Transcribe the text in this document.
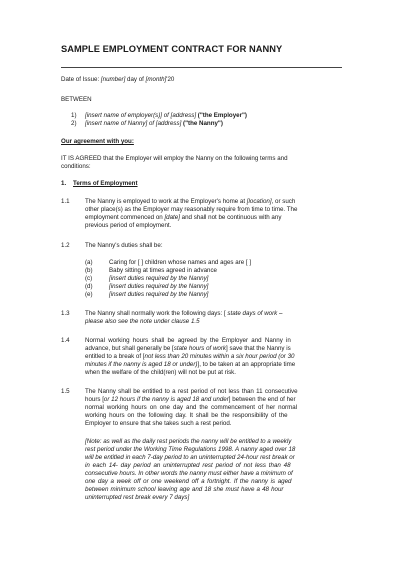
SAMPLE EMPLOYMENT CONTRACT FOR NANNY
Date of Issue: [number] day of [month]'20
BETWEEN
1) [insert name of employer(s)] of [address] ("the Employer")
2) [insert name of Nanny] of [address] ("the Nanny")
Our agreement with you:
IT IS AGREED that the Employer will employ the Nanny on the following terms and
conditions:
1. Terms of Employment
1.1 The Nanny is employed to work at the Employer's home at [location], or such
other place(s) as the Employer may reasonably require from time to time. The
employment commenced on [date] and shall not be continuous with any
previous period of employment.
1.2 The Nanny's duties shall be:
(a)	Caring for [ ] children whose names and ages are [ ]
(b)	Baby sitting at times agreed in advance
(c)	[insert duties required by the Nanny]
(d)	[insert duties required by the Nanny]
(e)	[insert duties required by the Nanny]
1.3 The Nanny shall normally work the following days: [ state days of work –
please also see the note under clause 1.5
1.4 Normal working hours shall be agreed by the Employer and Nanny in
advance, but shall generally be [state hours of work] save that the Nanny is
entitled to a break of [not less than 20 minutes within a six hour period (or 30
minutes if the nanny is aged 18 or under)], to be taken at an appropriate time
when the welfare of the child(ren) will not be put at risk.
1.5 The Nanny shall be entitled to a rest period of not less than 11 consecutive
hours [or 12 hours if the nanny is aged 18 and under] between the end of her
normal working hours on one day and the commencement of her normal
working hours on the following day. It shall be the responsibility of the
Employer to ensure that she takes such a rest period.
[Note: as well as the daily rest periods the nanny will be entitled to a weekly
rest period under the Working Time Regulations 1998. A nanny aged over 18
will be entitled in each 7-day period to an uninterrupted 24-hour rest break or
in each 14- day period an uninterrupted rest period of not less than 48
consecutive hours. In other words the nanny must either have a minimum of
one day a week off or one weekend off a fortnight. If the nanny is aged
between minimum school leaving age and 18 she must have a 48 hour
uninterrupted rest break every 7 days]
